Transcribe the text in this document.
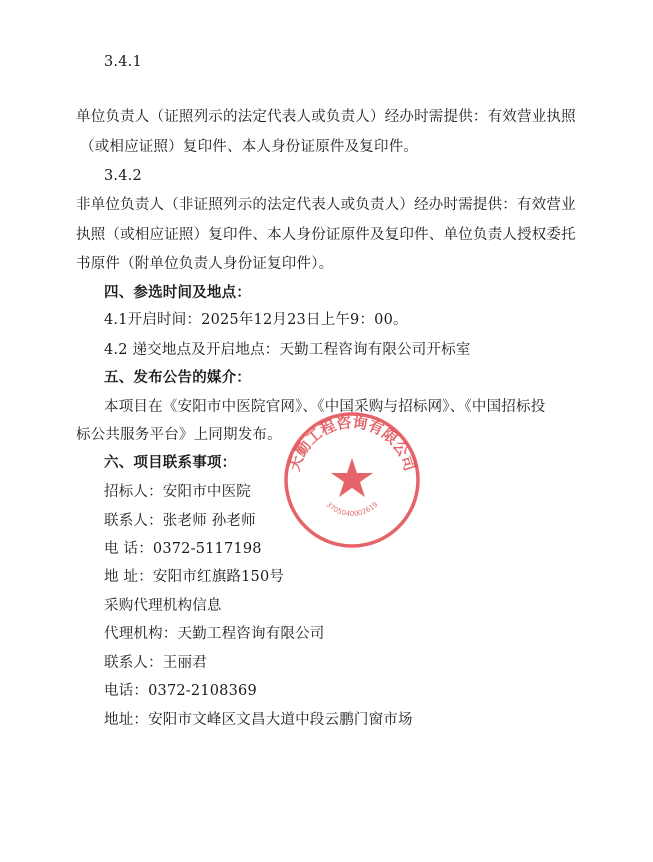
3.4.1
单位负责人（证照列示的法定代表人或负责人）经办时需提供：有效营业执照
（或相应证照）复印件、本人身份证原件及复印件。
3.4.2
非单位负责人（非证照列示的法定代表人或负责人）经办时需提供：有效营业
执照（或相应证照）复印件、本人身份证原件及复印件、单位负责人授权委托
书原件（附单位负责人身份证复印件）。
四、参选时间及地点：
4.1开启时间：2025年12月23日上午9：00。
4.2 递交地点及开启地点：天勤工程咨询有限公司开标室
五、发布公告的媒介：
本项目在《安阳市中医院官网》、《中国采购与招标网》、《中国招标投
标公共服务平台》上同期发布。
六、项目联系事项：
招标人：安阳市中医院
联系人：张老师 孙老师
电 话：0372-5117198
地 址：安阳市红旗路150号
采购代理机构信息
代理机构：天勤工程咨询有限公司
联系人：王丽君
电话：0372-2108369
地址：安阳市文峰区文昌大道中段云鹏门窗市场
天勤工程咨询有限公司
3705040002619
